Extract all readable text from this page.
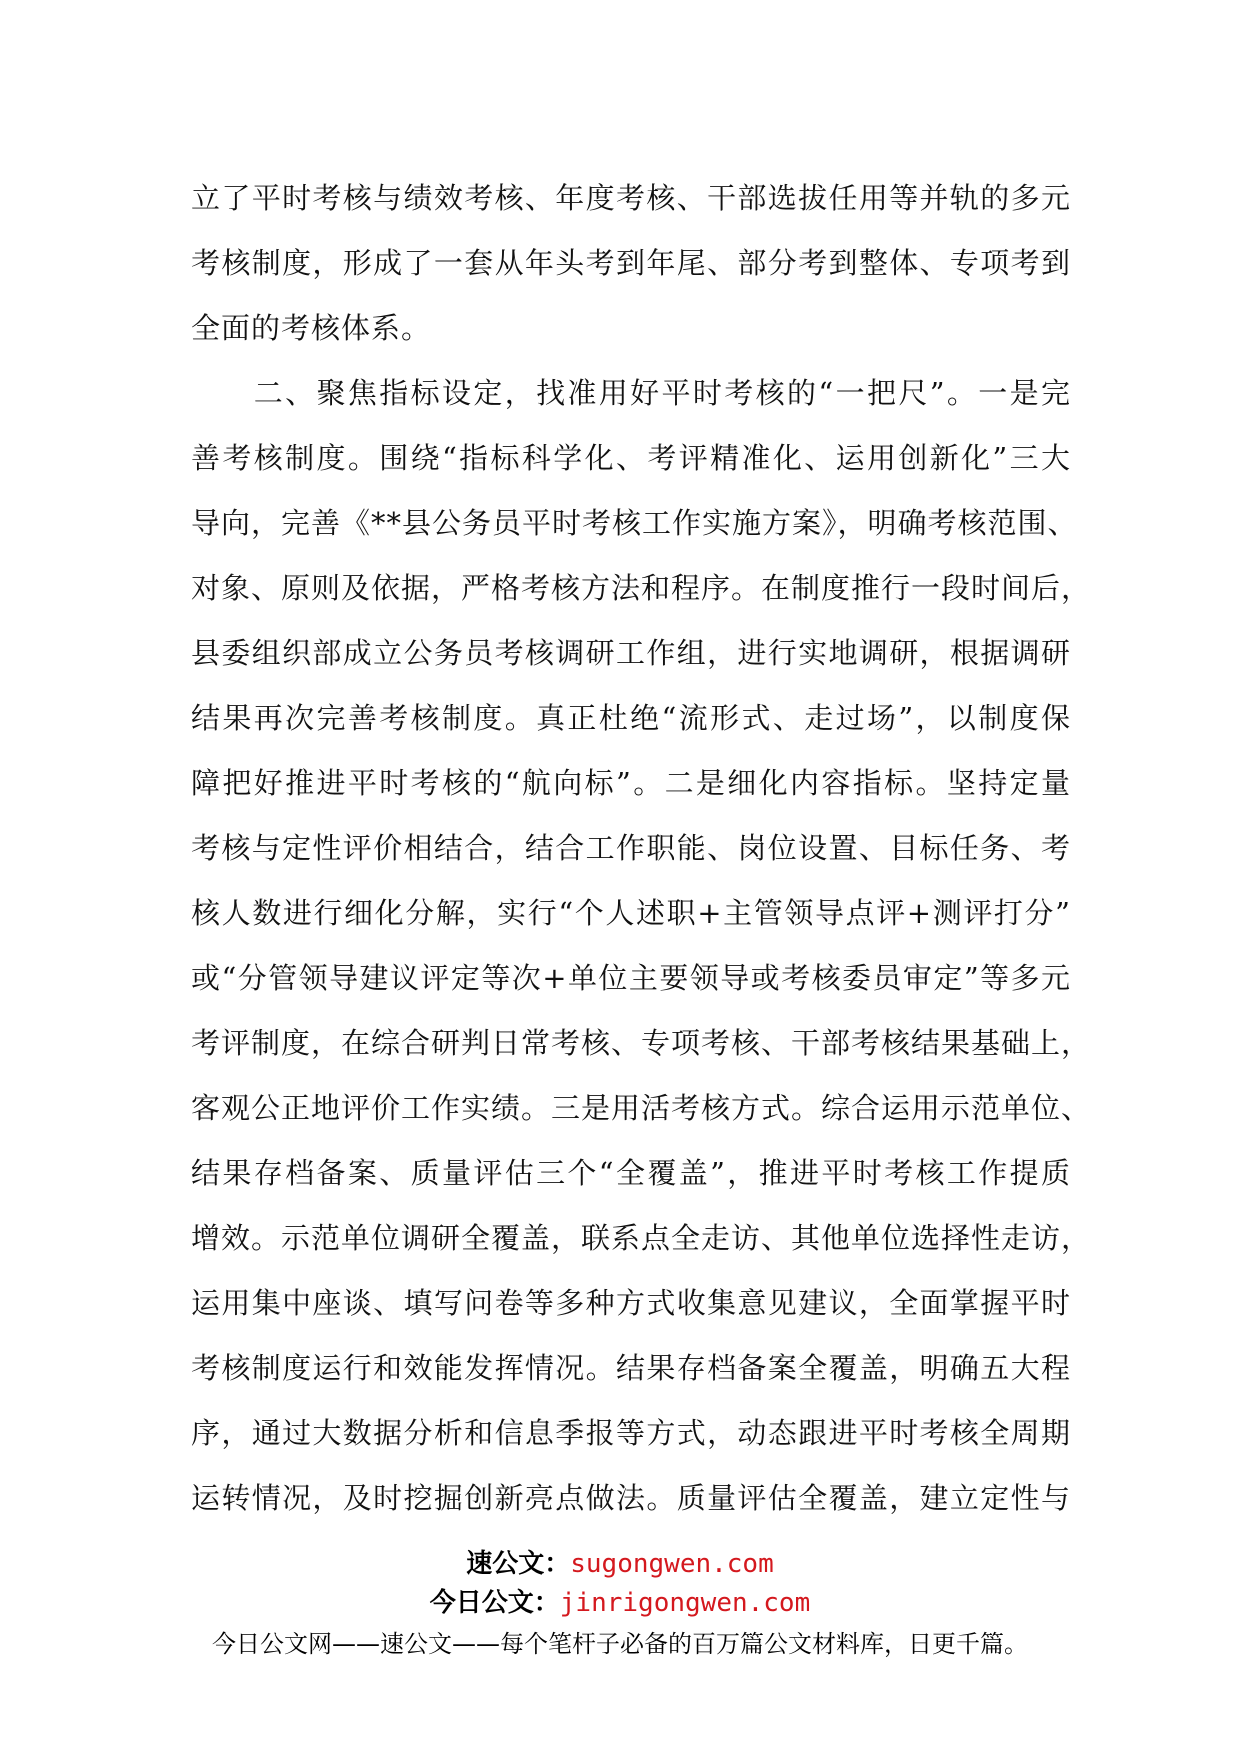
立了平时考核与绩效考核、年度考核、干部选拔任用等并轨的多元
考核制度，形成了一套从年头考到年尾、部分考到整体、专项考到
全面的考核体系。
　　二、聚焦指标设定，找准用好平时考核的“一把尺”。一是完
善考核制度。围绕“指标科学化、考评精准化、运用创新化”三大
导向，完善《**县公务员平时考核工作实施方案》，明确考核范围、
对象、原则及依据，严格考核方法和程序。在制度推行一段时间后，
县委组织部成立公务员考核调研工作组，进行实地调研，根据调研
结果再次完善考核制度。真正杜绝“流形式、走过场”，以制度保
障把好推进平时考核的“航向标”。二是细化内容指标。坚持定量
考核与定性评价相结合，结合工作职能、岗位设置、目标任务、考
核人数进行细化分解，实行“个人述职+主管领导点评+测评打分”
或“分管领导建议评定等次+单位主要领导或考核委员审定”等多元
考评制度，在综合研判日常考核、专项考核、干部考核结果基础上，
客观公正地评价工作实绩。三是用活考核方式。综合运用示范单位、
结果存档备案、质量评估三个“全覆盖”，推进平时考核工作提质
增效。示范单位调研全覆盖，联系点全走访、其他单位选择性走访，
运用集中座谈、填写问卷等多种方式收集意见建议，全面掌握平时
考核制度运行和效能发挥情况。结果存档备案全覆盖，明确五大程
序，通过大数据分析和信息季报等方式，动态跟进平时考核全周期
运转情况，及时挖掘创新亮点做法。质量评估全覆盖，建立定性与
速公文：sugongwen.com
今日公文：jinrigongwen.com
今日公文网——速公文——每个笔杆子必备的百万篇公文材料库，日更千篇。
